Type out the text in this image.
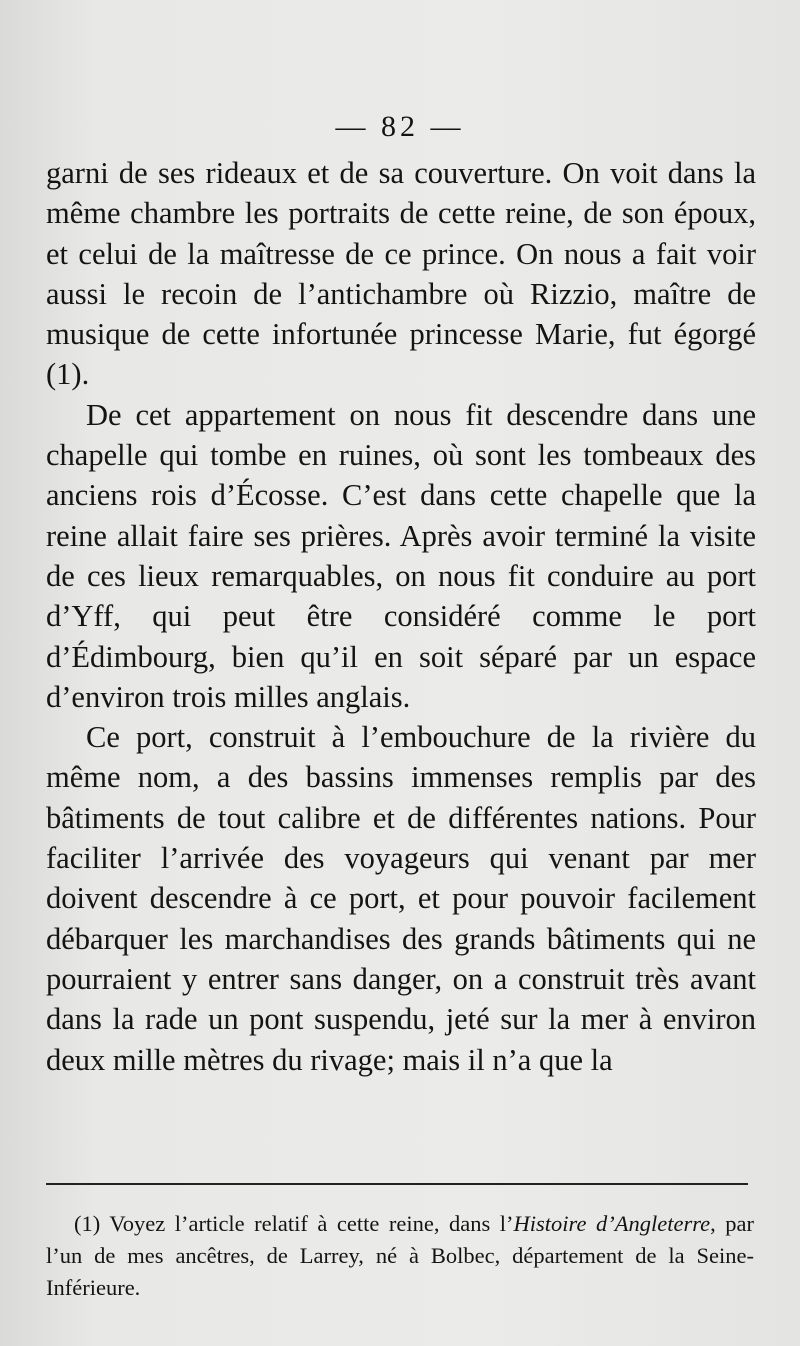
— 82 —

garni de ses rideaux et de sa couverture. On voit dans la même chambre les portraits de cette reine, de son époux, et celui de la maîtresse de ce prince. On nous a fait voir aussi le recoin de l’antichambre où Rizzio, maître de musique de cette infortunée princesse Marie, fut égorgé (1).

De cet appartement on nous fit descendre dans une chapelle qui tombe en ruines, où sont les tombeaux des anciens rois d’Écosse. C’est dans cette chapelle que la reine allait faire ses prières. Après avoir terminé la visite de ces lieux remarquables, on nous fit conduire au port d’Yff, qui peut être considéré comme le port d’Édimbourg, bien qu’il en soit séparé par un espace d’environ trois milles anglais.

Ce port, construit à l’embouchure de la rivière du même nom, a des bassins immenses remplis par des bâtiments de tout calibre et de différentes nations. Pour faciliter l’arrivée des voyageurs qui venant par mer doivent descendre à ce port, et pour pouvoir facilement débarquer les marchandises des grands bâtiments qui ne pourraient y entrer sans danger, on a construit très avant dans la rade un pont suspendu, jeté sur la mer à environ deux mille mètres du rivage; mais il n’a que la

(1) Voyez l’article relatif à cette reine, dans l’Histoire d’Angleterre, par l’un de mes ancêtres, de Larrey, né à Bolbec, département de la Seine-Inférieure.
